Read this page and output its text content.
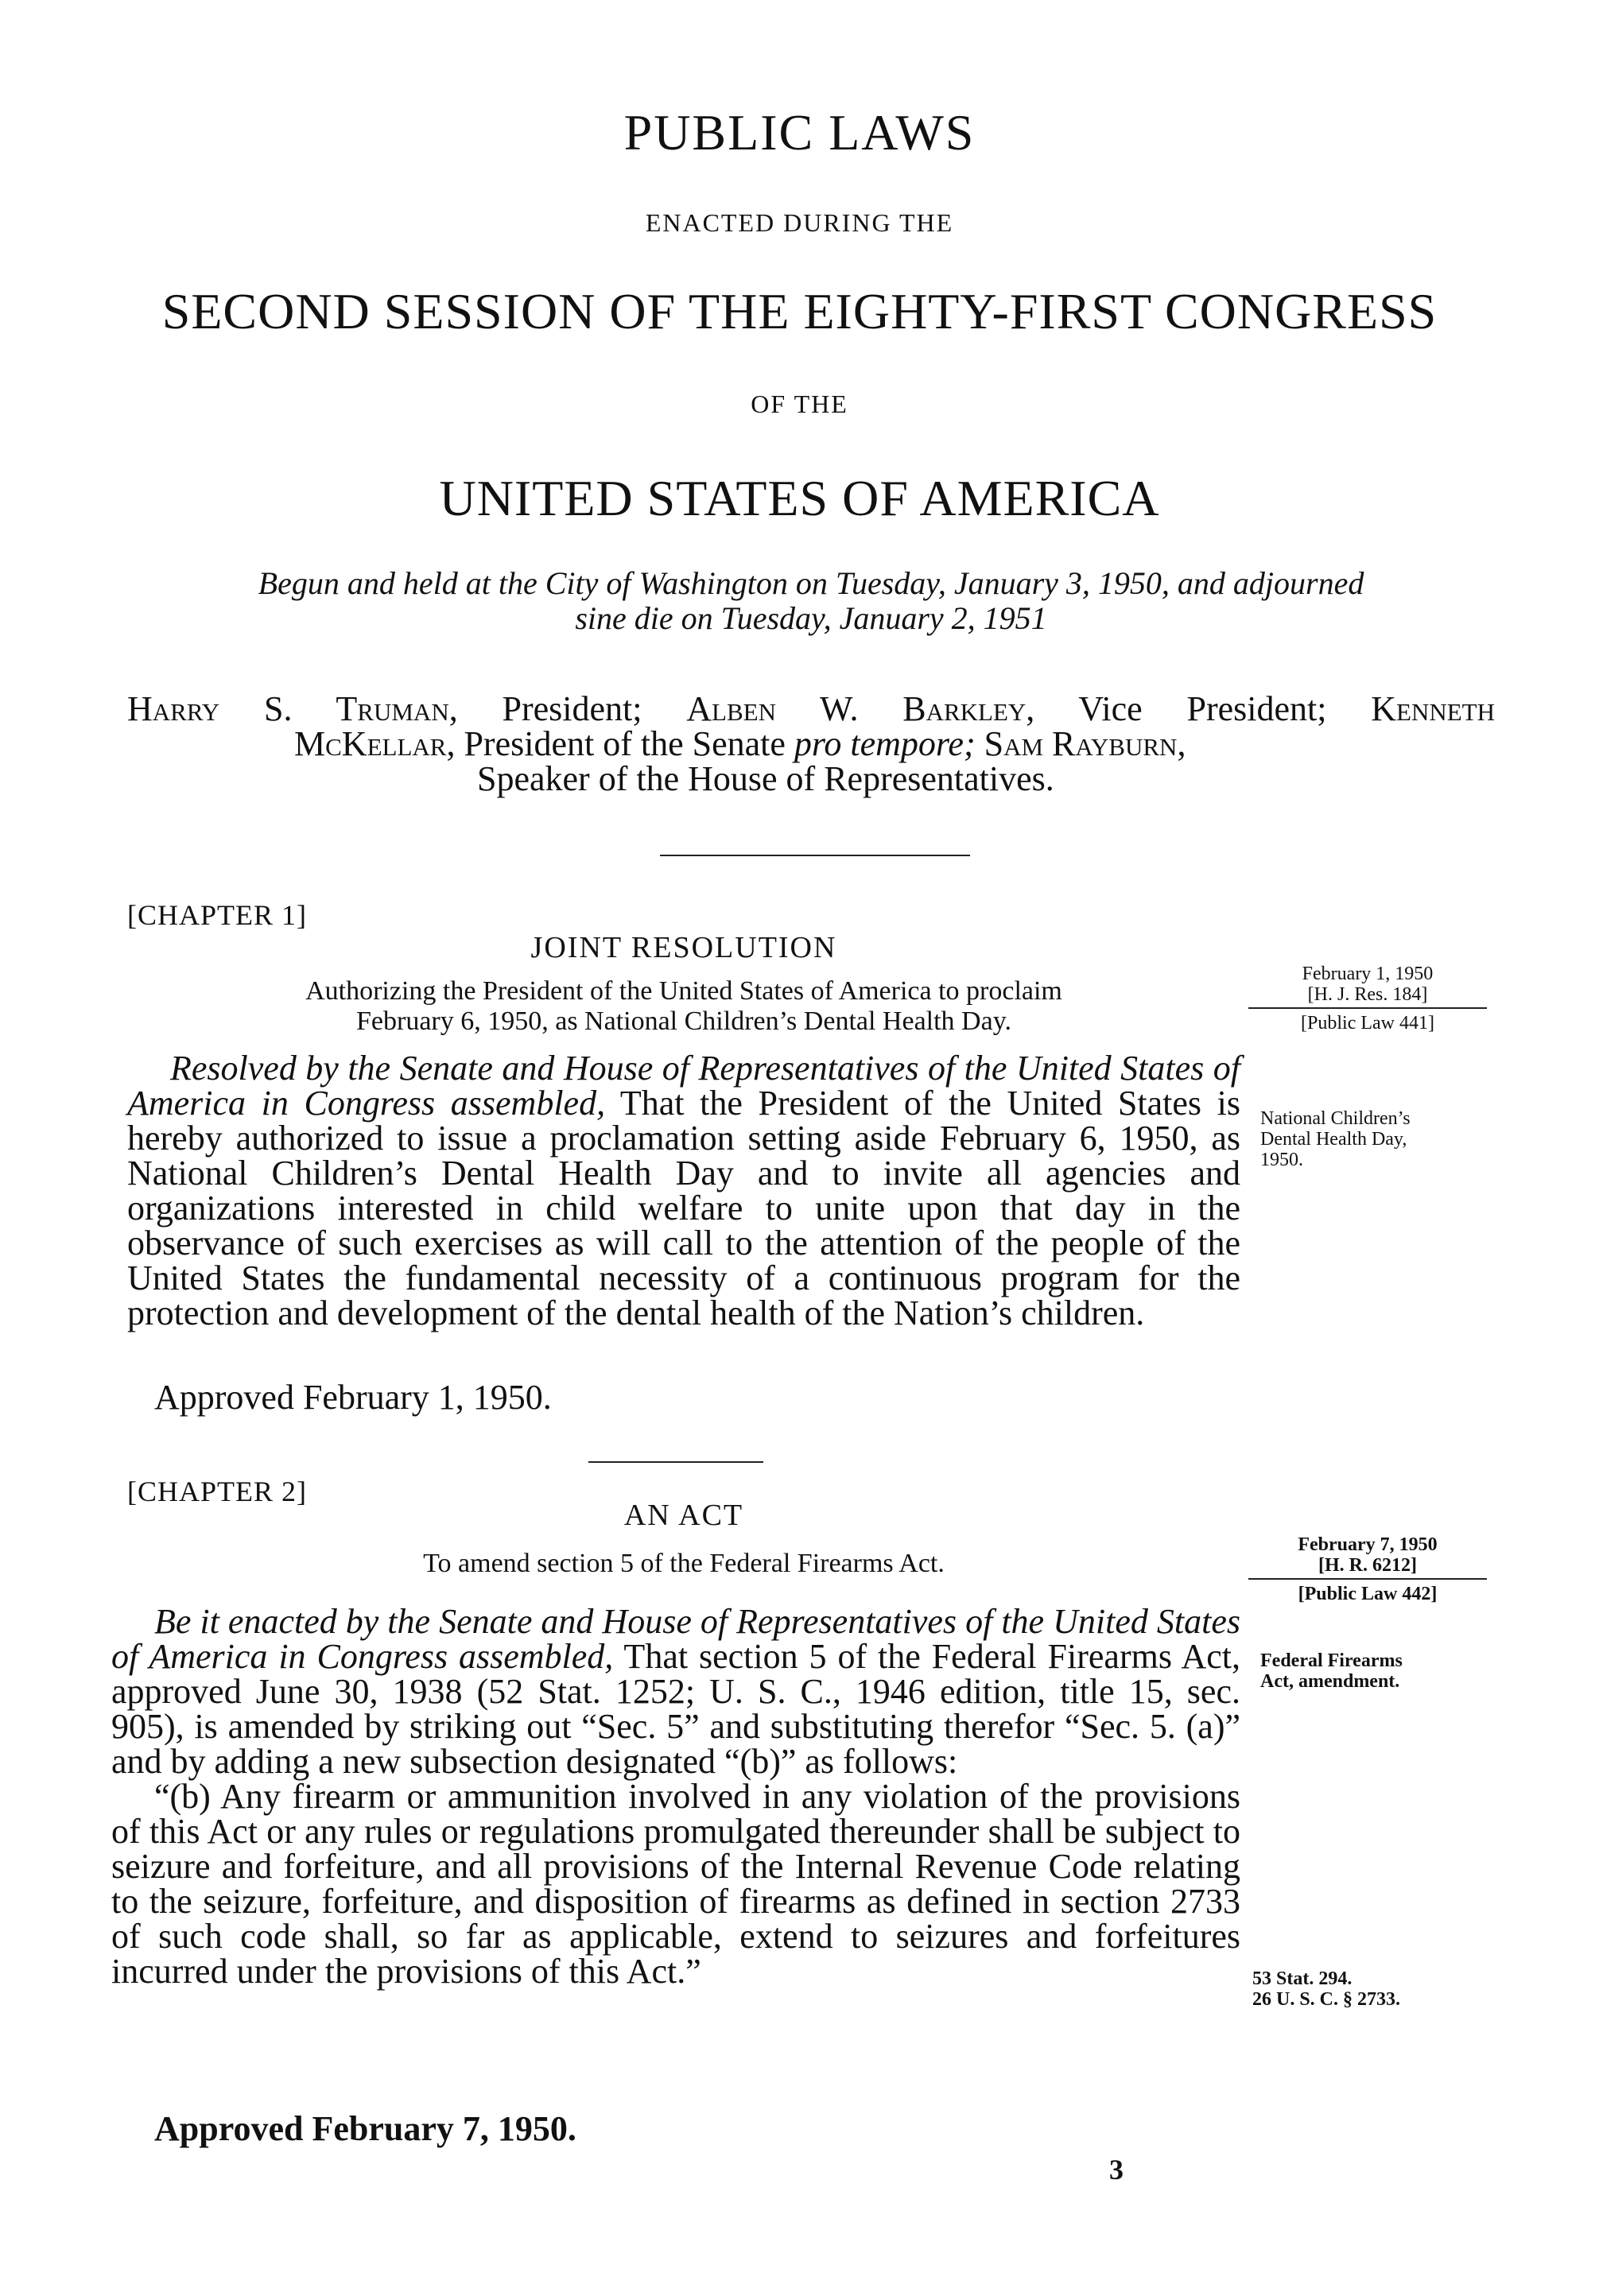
PUBLIC LAWS
ENACTED DURING THE
SECOND SESSION OF THE EIGHTY-FIRST CONGRESS
OF THE
UNITED STATES OF AMERICA
Begun and held at the City of Washington on Tuesday, January 3, 1950, and adjourned
sine die on Tuesday, January 2, 1951
Harry S. Truman, President; Alben W. Barkley, Vice President; Kenneth
McKellar, President of the Senate pro tempore; Sam Rayburn,
Speaker of the House of Representatives.
[CHAPTER 1]
JOINT RESOLUTION
Authorizing the President of the United States of America to proclaim
February 6, 1950, as National Children’s Dental Health Day.
February 1, 1950
[H. J. Res. 184]
[Public Law 441]

Resolved by the Senate and House of Representatives of the United States of America in Congress assembled, That the President of the United States is hereby authorized to issue a proclamation setting aside February 6, 1950, as National Children’s Dental Health Day and to invite all agencies and organizations interested in child welfare to unite upon that day in the observance of such exercises as will call to the attention of the people of the United States the fundamental necessity of a continuous program for the protection and development of the dental health of the Nation’s children.

Approved February 1, 1950.
National Children’s
Dental Health Day,
1950.
[CHAPTER 2]
AN ACT
To amend section 5 of the Federal Firearms Act.
February 7, 1950
[H. R. 6212]
[Public Law 442]

Be it enacted by the Senate and House of Representatives of the United States of America in Congress assembled, That section 5 of the Federal Firearms Act, approved June 30, 1938 (52 Stat. 1252; U. S. C., 1946 edition, title 15, sec. 905), is amended by striking out “Sec. 5” and substituting therefor “Sec. 5. (a)” and by adding a new subsection designated “(b)” as follows:

“(b) Any firearm or ammunition involved in any violation of the provisions of this Act or any rules or regulations promulgated thereunder shall be subject to seizure and forfeiture, and all provisions of the Internal Revenue Code relating to the seizure, forfeiture, and disposition of firearms as defined in section 2733 of such code shall, so far as applicable, extend to seizures and forfeitures incurred under the provisions of this Act.”

Approved February 7, 1950.
Federal Firearms
Act, amendment.
53 Stat. 294.
26 U. S. C. § 2733.
3
